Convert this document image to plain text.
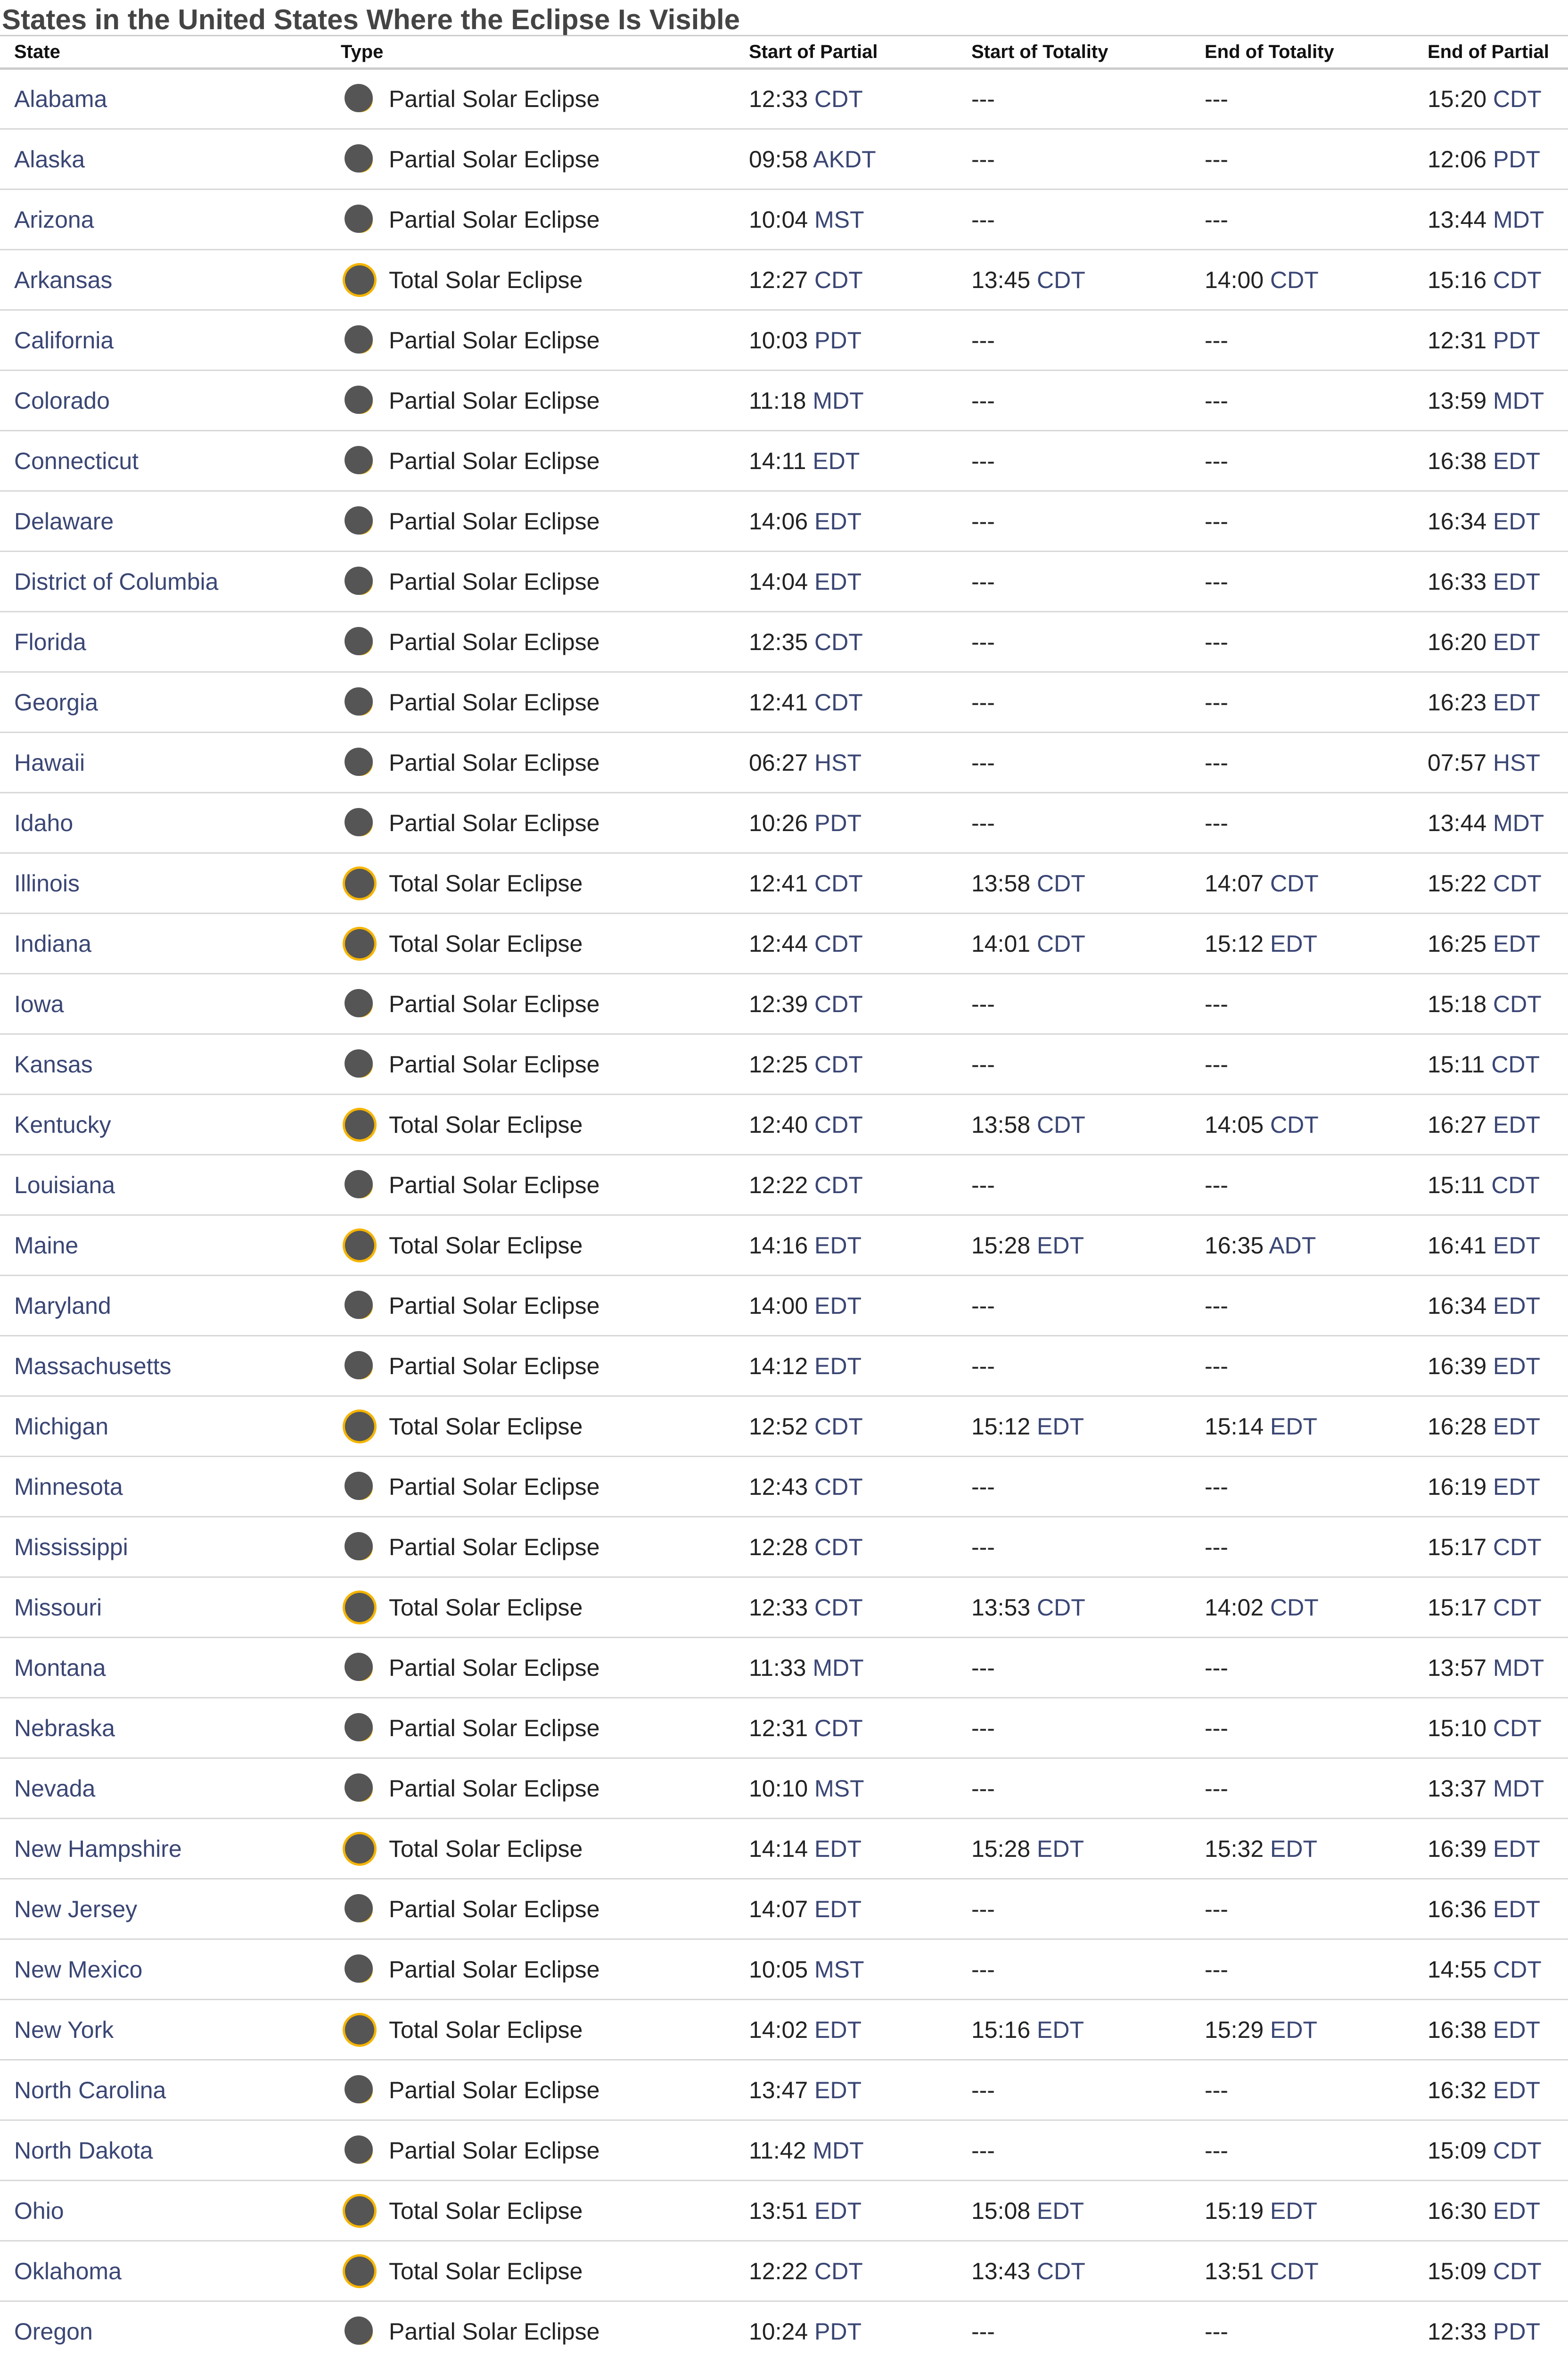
States in the United States Where the Eclipse Is Visible
State	Type	Start of Partial	Start of Totality	End of Totality	End of Partial
Alabama	Partial Solar Eclipse	12:33 CDT	---	---	15:20 CDT
Alaska	Partial Solar Eclipse	09:58 AKDT	---	---	12:06 PDT
Arizona	Partial Solar Eclipse	10:04 MST	---	---	13:44 MDT
Arkansas	Total Solar Eclipse	12:27 CDT	13:45 CDT	14:00 CDT	15:16 CDT
California	Partial Solar Eclipse	10:03 PDT	---	---	12:31 PDT
Colorado	Partial Solar Eclipse	11:18 MDT	---	---	13:59 MDT
Connecticut	Partial Solar Eclipse	14:11 EDT	---	---	16:38 EDT
Delaware	Partial Solar Eclipse	14:06 EDT	---	---	16:34 EDT
District of Columbia	Partial Solar Eclipse	14:04 EDT	---	---	16:33 EDT
Florida	Partial Solar Eclipse	12:35 CDT	---	---	16:20 EDT
Georgia	Partial Solar Eclipse	12:41 CDT	---	---	16:23 EDT
Hawaii	Partial Solar Eclipse	06:27 HST	---	---	07:57 HST
Idaho	Partial Solar Eclipse	10:26 PDT	---	---	13:44 MDT
Illinois	Total Solar Eclipse	12:41 CDT	13:58 CDT	14:07 CDT	15:22 CDT
Indiana	Total Solar Eclipse	12:44 CDT	14:01 CDT	15:12 EDT	16:25 EDT
Iowa	Partial Solar Eclipse	12:39 CDT	---	---	15:18 CDT
Kansas	Partial Solar Eclipse	12:25 CDT	---	---	15:11 CDT
Kentucky	Total Solar Eclipse	12:40 CDT	13:58 CDT	14:05 CDT	16:27 EDT
Louisiana	Partial Solar Eclipse	12:22 CDT	---	---	15:11 CDT
Maine	Total Solar Eclipse	14:16 EDT	15:28 EDT	16:35 ADT	16:41 EDT
Maryland	Partial Solar Eclipse	14:00 EDT	---	---	16:34 EDT
Massachusetts	Partial Solar Eclipse	14:12 EDT	---	---	16:39 EDT
Michigan	Total Solar Eclipse	12:52 CDT	15:12 EDT	15:14 EDT	16:28 EDT
Minnesota	Partial Solar Eclipse	12:43 CDT	---	---	16:19 EDT
Mississippi	Partial Solar Eclipse	12:28 CDT	---	---	15:17 CDT
Missouri	Total Solar Eclipse	12:33 CDT	13:53 CDT	14:02 CDT	15:17 CDT
Montana	Partial Solar Eclipse	11:33 MDT	---	---	13:57 MDT
Nebraska	Partial Solar Eclipse	12:31 CDT	---	---	15:10 CDT
Nevada	Partial Solar Eclipse	10:10 MST	---	---	13:37 MDT
New Hampshire	Total Solar Eclipse	14:14 EDT	15:28 EDT	15:32 EDT	16:39 EDT
New Jersey	Partial Solar Eclipse	14:07 EDT	---	---	16:36 EDT
New Mexico	Partial Solar Eclipse	10:05 MST	---	---	14:55 CDT
New York	Total Solar Eclipse	14:02 EDT	15:16 EDT	15:29 EDT	16:38 EDT
North Carolina	Partial Solar Eclipse	13:47 EDT	---	---	16:32 EDT
North Dakota	Partial Solar Eclipse	11:42 MDT	---	---	15:09 CDT
Ohio	Total Solar Eclipse	13:51 EDT	15:08 EDT	15:19 EDT	16:30 EDT
Oklahoma	Total Solar Eclipse	12:22 CDT	13:43 CDT	13:51 CDT	15:09 CDT
Oregon	Partial Solar Eclipse	10:24 PDT	---	---	12:33 PDT
